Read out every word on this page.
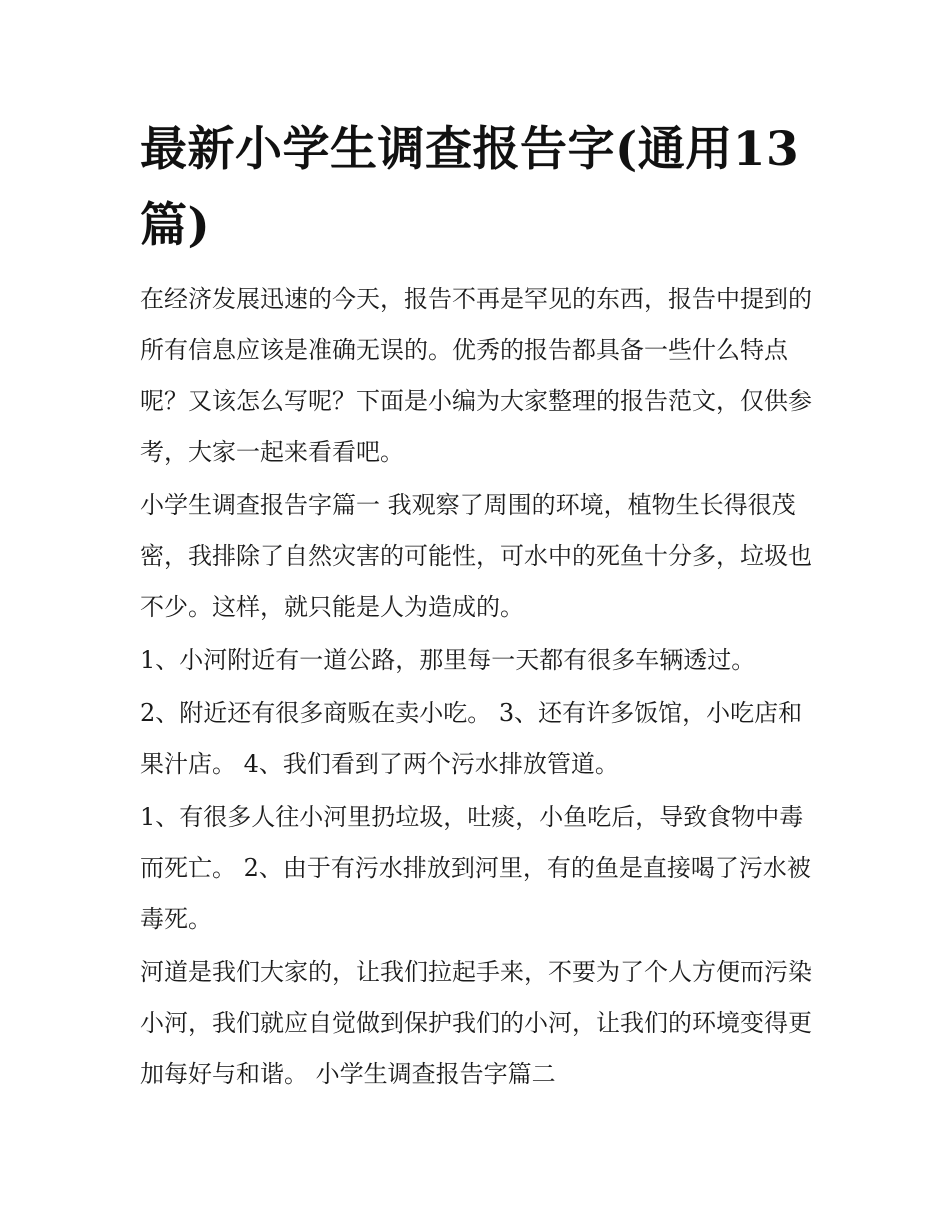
最新小学生调查报告字(通用13篇)

在经济发展迅速的今天，报告不再是罕见的东西，报告中提到的所有信息应该是准确无误的。优秀的报告都具备一些什么特点呢？又该怎么写呢？下面是小编为大家整理的报告范文，仅供参考，大家一起来看看吧。

小学生调查报告字篇一 我观察了周围的环境，植物生长得很茂密，我排除了自然灾害的可能性，可水中的死鱼十分多，垃圾也不少。这样，就只能是人为造成的。

1、小河附近有一道公路，那里每一天都有很多车辆透过。

2、附近还有很多商贩在卖小吃。 3、还有许多饭馆，小吃店和果汁店。 4、我们看到了两个污水排放管道。

1、有很多人往小河里扔垃圾，吐痰，小鱼吃后，导致食物中毒而死亡。 2、由于有污水排放到河里，有的鱼是直接喝了污水被毒死。

河道是我们大家的，让我们拉起手来，不要为了个人方便而污染小河，我们就应自觉做到保护我们的小河，让我们的环境变得更加每好与和谐。 小学生调查报告字篇二
